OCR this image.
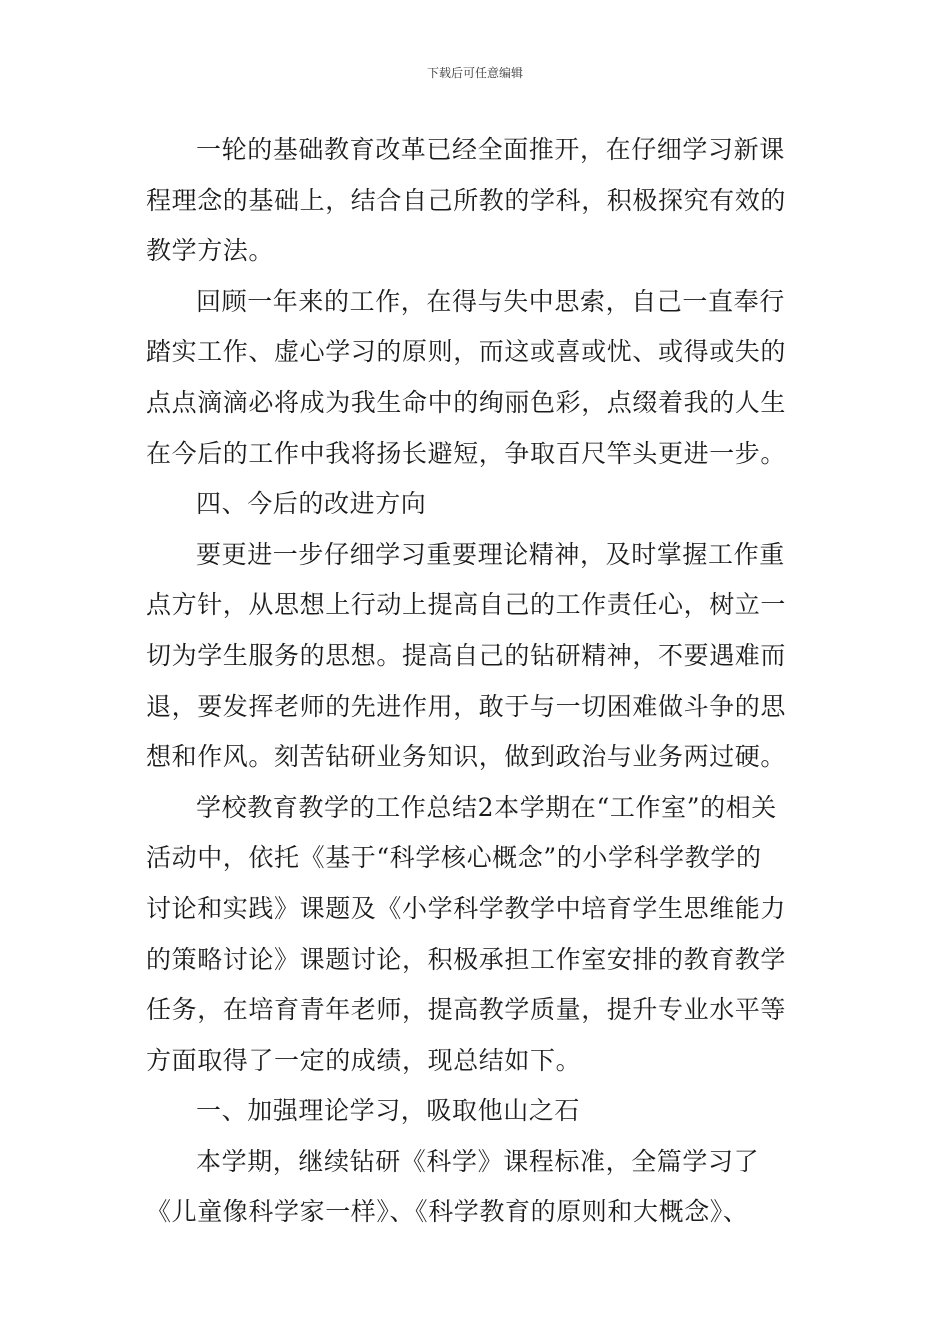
下载后可任意编辑
一轮的基础教育改革已经全面推开，在仔细学习新课
程理念的基础上，结合自己所教的学科，积极探究有效的
教学方法。
回顾一年来的工作，在得与失中思索，自己一直奉行
踏实工作、虚心学习的原则，而这或喜或忧、或得或失的
点点滴滴必将成为我生命中的绚丽色彩，点缀着我的人生
在今后的工作中我将扬长避短，争取百尺竿头更进一步。
四、今后的改进方向
要更进一步仔细学习重要理论精神，及时掌握工作重
点方针，从思想上行动上提高自己的工作责任心，树立一
切为学生服务的思想。提高自己的钻研精神，不要遇难而
退，要发挥老师的先进作用，敢于与一切困难做斗争的思
想和作风。刻苦钻研业务知识，做到政治与业务两过硬。
学校教育教学的工作总结2本学期在“工作室”的相关
活动中，依托《基于“科学核心概念”的小学科学教学的
讨论和实践》课题及《小学科学教学中培育学生思维能力
的策略讨论》课题讨论，积极承担工作室安排的教育教学
任务，在培育青年老师，提高教学质量，提升专业水平等
方面取得了一定的成绩，现总结如下。
一、加强理论学习，吸取他山之石
本学期，继续钻研《科学》课程标准，全篇学习了
《儿童像科学家一样》、《科学教育的原则和大概念》、
